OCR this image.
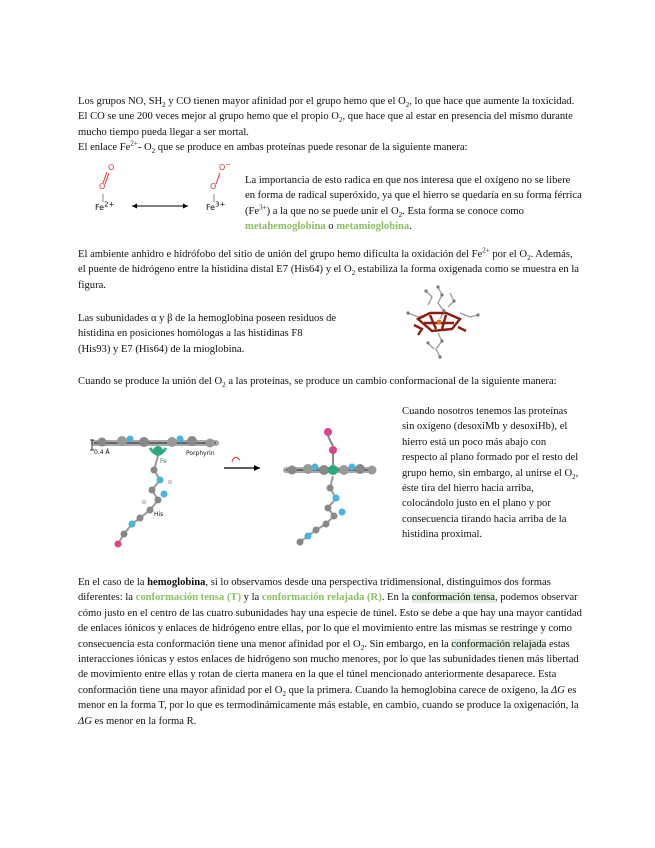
Los grupos NO, $SH_2$ y CO tienen mayor afinidad por el grupo hemo que el $O_2$, lo que hace que aumente la toxicidad. El CO se une 200 veces mejor al grupo hemo que el propio $O_2$, que hace que al estar en presencia del mismo durante mucho tiempo pueda llegar a ser mortal.

El enlace $Fe^{2+}-$ $O_2$ que se produce en ambas proteínas puede resonar de la siguiente manera:

O
O
$Fe^{2+}$
O−
O
$Fe^{3+}$

La importancia de esto radica en que nos interesa que el oxígeno no se libere en forma de radical superóxido, ya que el hierro se quedaría en su forma férrica $(Fe^{3+})$ a la que no se puede unir el $O_2$. Esta forma se conoce como metahemoglobina o metamioglobina.

El ambiente anhidro e hidrófobo del sitio de unión del grupo hemo dificulta la oxidación del $Fe^{2+}$ por el $O_2$. Además, el puente de hidrógeno entre la histidina distal E7 (His64) y el $O_2$ estabiliza la forma oxigenada como se muestra en la figura.

Las subunidades α y β de la hemoglobina poseen residuos de
histidina en posiciones homólogas a las histidinas F8
(His93) y E7 (His64) de la mioglobina.

Cuando se produce la unión del $O_2$ a las proteínas, se produce un cambio conformacional de la siguiente manera:

0.4 Å
Fe
Porphyrin
His

Cuando nosotros tenemos las proteínas sin oxígeno (desoxiMb y desoxiHb), el hierro está un poco más abajo con respecto al plano formado por el resto del grupo hemo, sin embargo, al unirse el $O_2$, éste tira del hierro hacia arriba, colocándolo justo en el plano y por consecuencia tirando hacia arriba de la histidina proximal.

En el caso de la hemoglobina, si lo observamos desde una perspectiva tridimensional, distinguimos dos formas diferentes: la conformación tensa (T) y la conformación relajada (R). En la conformación tensa, podemos observar cómo justo en el centro de las cuatro subunidades hay una especie de túnel. Esto se debe a que hay una mayor cantidad de enlaces iónicos y enlaces de hidrógeno entre ellas, por lo que el movimiento entre las mismas se restringe y como consecuencia esta conformación tiene una menor afinidad por el $O_2$. Sin embargo, en la conformación relajada estas interacciones iónicas y estos enlaces de hidrógeno son mucho menores, por lo que las subunidades tienen más libertad de movimiento entre ellas y rotan de cierta manera en la que el túnel mencionado anteriormente desaparece. Esta conformación tiene una mayor afinidad por el $O_2$ que la primera. Cuando la hemoglobina carece de oxígeno, la ΔG es menor en la forma T, por lo que es termodinámicamente más estable, en cambio, cuando se produce la oxigenación, la ΔG es menor en la forma R.
